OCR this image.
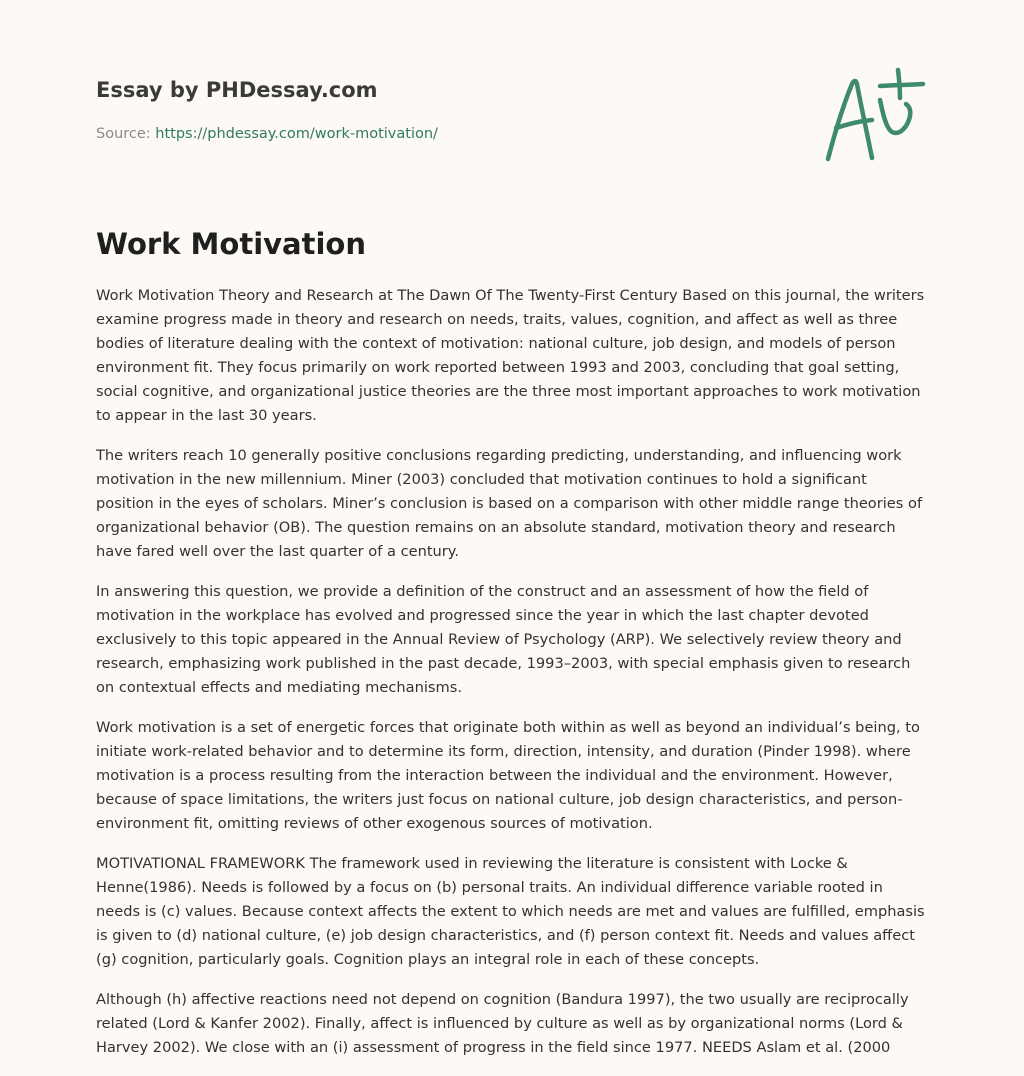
Essay by PHDessay.com
Source: https://phdessay.com/work-motivation/
Work Motivation

Work Motivation Theory and Research at The Dawn Of The Twenty-First Century Based on this journal, the writers examine progress made in theory and research on needs, traits, values, cognition, and affect as well as three bodies of literature dealing with the context of motivation: national culture, job design, and models of person environment fit. They focus primarily on work reported between 1993 and 2003, concluding that goal setting, social cognitive, and organizational justice theories are the three most important approaches to work motivation to appear in the last 30 years.

The writers reach 10 generally positive conclusions regarding predicting, understanding, and influencing work motivation in the new millennium. Miner (2003) concluded that motivation continues to hold a significant position in the eyes of scholars. Miner’s conclusion is based on a comparison with other middle range theories of organizational behavior (OB). The question remains on an absolute standard, motivation theory and research have fared well over the last quarter of a century.

In answering this question, we provide a definition of the construct and an assessment of how the field of motivation in the workplace has evolved and progressed since the year in which the last chapter devoted exclusively to this topic appeared in the Annual Review of Psychology (ARP). We selectively review theory and research, emphasizing work published in the past decade, 1993–2003, with special emphasis given to research on contextual effects and mediating mechanisms.

Work motivation is a set of energetic forces that originate both within as well as beyond an individual’s being, to initiate work-related behavior and to determine its form, direction, intensity, and duration (Pinder 1998). where motivation is a process resulting from the interaction between the individual and the environment. However, because of space limitations, the writers just focus on national culture, job design characteristics, and person-environment fit, omitting reviews of other exogenous sources of motivation.

MOTIVATIONAL FRAMEWORK The framework used in reviewing the literature is consistent with Locke & Henne(1986). Needs is followed by a focus on (b) personal traits. An individual difference variable rooted in needs is (c) values. Because context affects the extent to which needs are met and values are fulfilled, emphasis is given to (d) national culture, (e) job design characteristics, and (f) person context fit. Needs and values affect (g) cognition, particularly goals. Cognition plays an integral role in each of these concepts.

Although (h) affective reactions need not depend on cognition (Bandura 1997), the two usually are reciprocally related (Lord & Kanfer 2002). Finally, affect is influenced by culture as well as by organizational norms (Lord & Harvey 2002). We close with an (i) assessment of progress in the field since 1977. NEEDS Aslam et al. (2000
